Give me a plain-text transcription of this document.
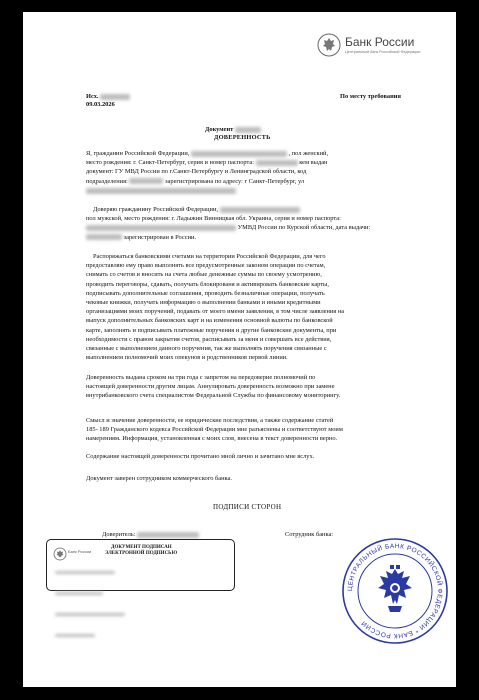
Банк России
Центральный банк Российской Федерации
Исх.
09.03.2026
По месту требования
Документ
ДОВЕРЕННОСТЬ
Я, гражданин Российской Федерации,	, пол женский,
место рождения: г. Санкт-Петербург, серия и номер паспорта:	кем выдан
документ: ГУ МВД России по г.Санкт-Петербургу и Ленинградской области, код
подразделения:	зарегистрирована по адресу: г Санкт-Петербург, ул
Доверяю гражданину Российской Федерации,
пол мужской, место рождения: г. Ладыжин Винницкая обл. Украина, серия и номер паспорта:
УМВД России по Курской области, дата выдачи:
зарегистрирован в России.
Распоряжаться банковскими счетами на территории Российской Федерации, для чего
предоставляю ему право выполнять все предусмотренные законом операции по счетам,
снимать со счетов и вносить на счета любые денежные суммы по своему усмотрению,
проводить переговоры, сдавать, получать блокированя и активировать банковские карты,
подписывать дополнительные соглашения, проводить безналичные операции, получать
чековые книжки, получать информацию о выполнении банками и иными кредитными
организациями моих поручений, подавать от моего имени заявления, в том числе заявления на
выпуск дополнительных банковских карт и на изменения основной валюты по банковской
карте, заполнять и подписывать платежные поручения и другие банковские документы, при
необходимости с правом закрытия счетов, расписывать за меня и совершать все действия,
связанные с выполнением данного поручения, так же выполнять поручения связанные с
выполнением полномочий моих опекунов и родственников первой линии.
Доверенность выдана сроком на три года с запретом на передоверие полномочий по
настоящей доверенности другим лицам. Аннулировать доверенность возможно при замене
внутрибанковского счета специалистом Федеральной Службы по финансовому мониторингу.
Смысл и значение доверенности, ее юридические последствия, а также содержание статей
185- 189 Гражданского кодекса Российской Федерации мне разъяснены и соответствуют моим
намерениям. Информация, установленная с моих слов, внесена в текст доверенности верно.
Содержание настоящей доверенности прочитано мной лично и зачитано мне вслух.
Документ заверен сотрудником коммерческого банка.
ПОДПИСИ СТОРОН
Доверитель:	Сотрудник банка:
Банк России
ДОКУМЕНТ ПОДПИСАН
ЭЛЕКТРОННОЙ ПОДПИСЬЮ
ЦЕНТРАЛЬНЫЙ БАНК РОССИЙСКОЙ ФЕДЕРАЦИИ * БАНК РОССИИ
